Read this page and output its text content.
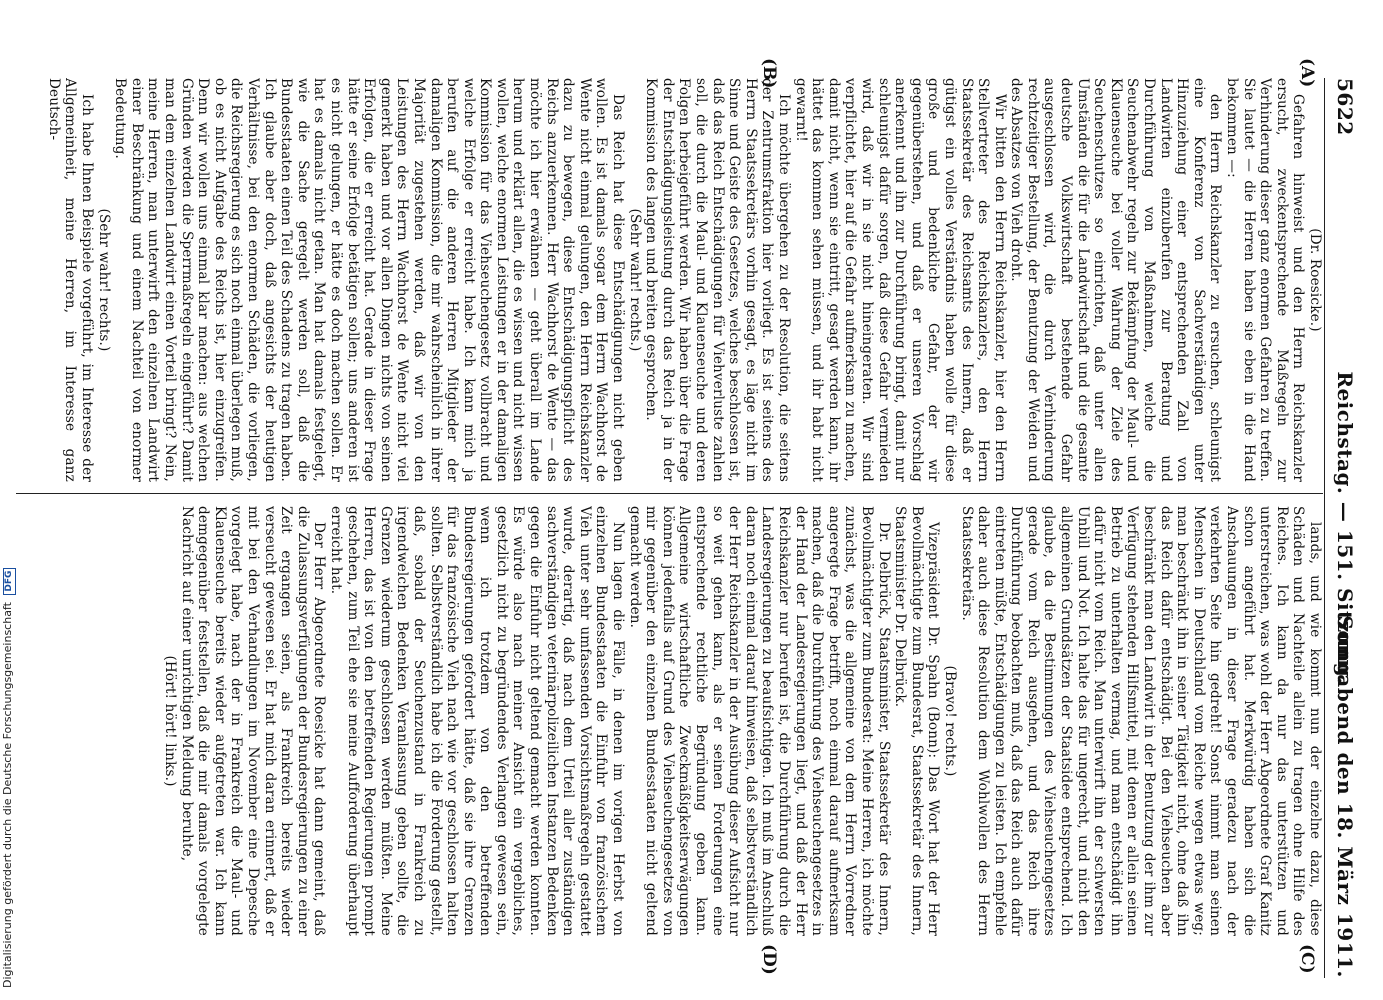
5622
Reichstag. — 151. Sitzung.
Sonnabend den 18. März 1911.
(A)
(B)
(C)
(D)

(Dr. Roesicke.)

Gefahren hinweist und den Herrn Reichskanzler ersucht, zweckentsprechende Maßregeln zur Verhinderung dieser ganz enormen Gefahren zu treffen. Sie lautet — die Herren haben sie eben in die Hand bekommen —:

den Herrn Reichskanzler zu ersuchen, schleunigst eine Konferenz von Sachverständigen unter Hinzuziehung einer entsprechenden Zahl von Landwirten einzuberufen zur Beratung und Durchführung von Maßnahmen, welche die Seuchenabwehr regeln zur Bekämpfung der Maul- und Klauenseuche bei voller Wahrung der Ziele des Seuchenschutzes so einrichten, daß unter allen Umständen die für die Landwirtschaft und die gesamte deutsche Volkswirtschaft bestehende Gefahr ausgeschlossen wird, die durch Verhinderung rechtzeitiger Bestellung, der Benutzung der Weiden und des Absatzes von Vieh droht.

Wir bitten den Herrn Reichskanzler, hier den Herrn Stellvertreter des Reichskanzlers, den Herrn Staatssekretär des Reichsamts des Innern, daß er gütigst ein volles Verständnis haben wolle für diese große und bedenkliche Gefahr, der wir gegenüberstehen, und daß er unseren Vorschlag anerkennt und ihn zur Durchführung bringt, damit nur schleunigst dafür sorgen, daß diese Gefahr vermieden wird, daß wir in sie nicht hineingeraten. Wir sind verpflichtet, hier auf die Gefahr aufmerksam zu machen, damit nicht, wenn sie eintritt, gesagt werden kann, ihr hättet das kommen sehen müssen, und ihr habt nicht gewarnt!

Ich möchte übergehen zu der Resolution, die seitens der Zentrumsfraktion hier vorliegt. Es ist seitens des Herrn Staatssekretärs vorhin gesagt, es läge nicht im Sinne und Geiste des Gesetzes, welches beschlossen ist, daß das Reich Entschädigungen für Viehverluste zahlen soll, die durch die Maul- und Klauenseuche und deren Folgen herbeigeführt werden. Wir haben über die Frage der Entschädigungsleistung durch das Reich ja in der Kommission des langen und breiten gesprochen.

(Sehr wahr! rechts.)

Das Reich hat diese Entschädigungen nicht geben wollen. Es ist damals sogar dem Herrn Wachhorst de Wente nicht einmal gelungen, den Herrn Reichskanzler dazu zu bewegen, diese Entschädigungspflicht des Reichs anzuerkennen. Herr Wachhorst de Wente — das möchte ich hier erwähnen — geht überall im Lande herum und erklärt allen, die es wissen und nicht wissen wollen, welche enormen Leistungen er in der damaligen Kommission für das Viehseuchengesetz vollbracht und welche Erfolge er erreicht habe. Ich kann mich ja berufen auf die anderen Herren Mitglieder der damaligen Kommission, die mir wahrscheinlich in ihrer Majorität zugestehen werden, daß wir von den Leistungen des Herrn Wachhorst de Wente nicht viel gemerkt haben und vor allen Dingen nichts von seinen Erfolgen, die er erreicht hat. Gerade in dieser Frage hätte er seine Erfolge betätigen sollen; uns anderen ist es nicht gelungen, er hätte es doch machen sollen. Er hat es damals nicht getan. Man hat damals festgelegt, wie die Sache geregelt werden soll, daß die Bundesstaaten einen Teil des Schadens zu tragen haben. Ich glaube aber doch, daß angesichts der heutigen Verhältnisse, bei den enormen Schäden, die vorliegen, die Reichsregierung es sich noch einmal überlegen muß, ob es nicht Aufgabe des Reichs ist, hier einzugreifen. Denn wir wollen uns einmal klar machen: aus welchen Gründen werden die Sperrmaßregeln eingeführt? Damit man dem einzelnen Landwirt einen Vorteil bringt? Nein, meine Herren, man unterwirft den einzelnen Landwirt einer Beschränkung und einem Nachteil von enormer Bedeutung.

(Sehr wahr! rechts.)

Ich habe Ihnen Beispiele vorgeführt, im Interesse der Allgemeinheit, meine Herren, im Interesse ganz Deutsch-

lands, und wie kommt nun der einzelne dazu, diese Schäden und Nachteile allein zu tragen ohne Hilfe des Reiches. Ich kann da nur das unterstützen und unterstreichen, was wohl der Herr Abgeordnete Graf Kanitz schon angeführt hat. Merkwürdig haben sich die Anschauungen in dieser Frage geradezu nach der verkehrten Seite hin gedreht! Sonst nimmt man seinen Menschen in Deutschland vom Reiche wegen etwas weg; man beschränkt ihn in seiner Tätigkeit nicht, ohne daß ihn das Reich dafür entschädigt. Bei den Viehseuchen aber beschränkt man den Landwirt in der Benutzung der ihm zur Verfügung stehenden Hilfsmittel, mit denen er allein seinen Betrieb zu unterhalten vermag, und man entschädigt ihn dafür nicht vom Reich. Man unterwirft ihn der schwersten Unbill und Not. Ich halte das für ungerecht, und nicht den allgemeinen Grundsätzen der Staatsidee entsprechend. Ich glaube, da die Bestimmungen des Viehseuchengesetzes gerade vom Reich ausgehen, und das Reich ihre Durchführung beobachten muß, daß das Reich auch dafür eintreten müßte, Entschädigungen zu leisten. Ich empfehle daher auch diese Resolution dem Wohlwollen des Herrn Staatssekretärs.

(Bravo! rechts.)

Vizepräsident Dr. Spahn (Bonn): Das Wort hat der Herr Bevollmächtigte zum Bundesrat, Staatssekretär des Innern, Staatsminister Dr. Delbrück.

Dr. Delbrück, Staatsminister, Staatssekretär des Innern, Bevollmächtigter zum Bundesrat: Meine Herren, ich möchte zunächst, was die allgemeine von dem Herrn Vorredner angeregte Frage betrifft, noch einmal darauf aufmerksam machen, daß die Durchführung des Viehseuchengesetzes in der Hand der Landesregierungen liegt, und daß der Herr Reichskanzler nur berufen ist, die Durchführung durch die Landesregierungen zu beaufsichtigen. Ich muß im Anschluß daran noch einmal darauf hinweisen, daß selbstverständlich der Herr Reichskanzler in der Ausübung dieser Aufsicht nur so weit gehen kann, als er seinen Forderungen eine entsprechende rechtliche Begründung geben kann. Allgemeine wirtschaftliche Zweckmäßigkeitserwägungen können jedenfalls auf Grund des Viehseuchengesetzes von mir gegenüber den einzelnen Bundesstaaten nicht geltend gemacht werden.

Nun lagen die Fälle, in denen im vorigen Herbst von einzelnen Bundesstaaten die Einfuhr von französischem Vieh unter sehr umfassenden Vorsichtsmaßregeln gestattet wurde, derartig, daß nach dem Urteil aller zuständigen sachverständigen veterinärpolizeilichen Instanzen Bedenken gegen die Einfuhr nicht geltend gemacht werden konnten. Es würde also nach meiner Ansicht ein vergebliches, gesetzlich nicht zu begründendes Verlangen gewesen sein, wenn ich trotzdem von den betreffenden Bundesregierungen gefordert hätte, daß sie ihre Grenzen für das französische Vieh nach wie vor geschlossen halten sollten. Selbstverständlich habe ich die Forderung gestellt, daß, sobald der Seuchenzustand in Frankreich zu irgendwelchen Bedenken Veranlassung geben sollte, die Grenzen wiederum geschlossen werden müßten. Meine Herren, das ist von den betreffenden Regierungen prompt geschehen, zum Teil ehe sie meine Aufforderung überhaupt erreicht hat.

Der Herr Abgeordnete Roesicke hat dann gemeint, daß die Zulassungsverfügungen der Bundesregierungen zu einer Zeit ergangen seien, als Frankreich bereits wieder verseucht gewesen sei. Er hat mich daran erinnert, daß er mit bei den Verhandlungen im November eine Depesche vorgelegt habe, nach der in Frankreich die Maul- und Klauenseuche bereits wieder aufgetreten war. Ich kann demgegenüber feststellen, daß die mir damals vorgelegte Nachricht auf einer unrichtigen Meldung beruhte,

(Hört! hört! links.)

Digitalisierung gefördert durch die Deutsche Forschungsgemeinschaft DFG
